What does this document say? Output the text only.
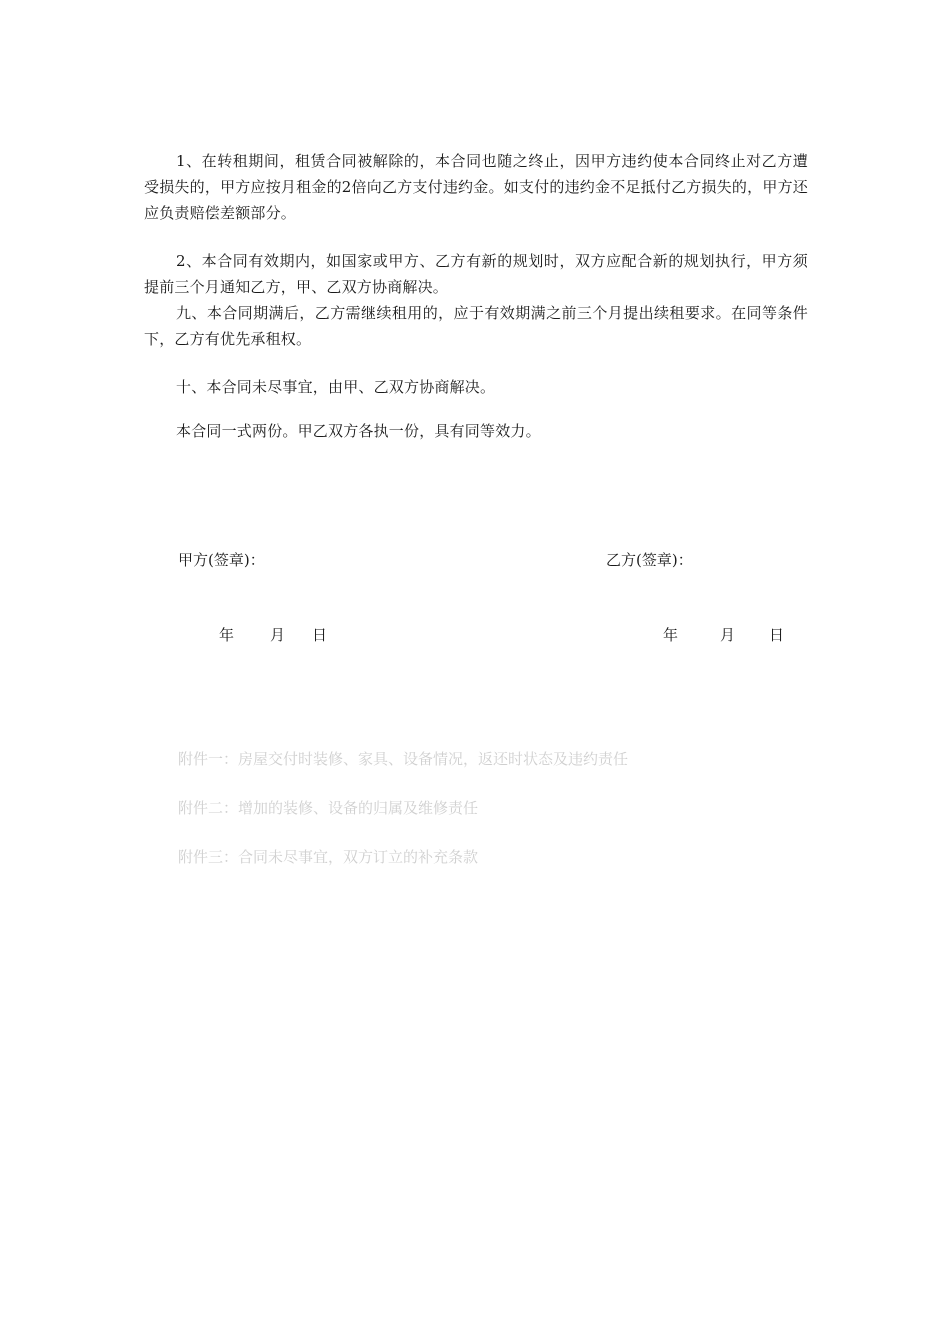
1、在转租期间，租赁合同被解除的，本合同也随之终止，因甲方违约使本合同终止对乙方遭受损失的，甲方应按月租金的2倍向乙方支付违约金。如支付的违约金不足抵付乙方损失的，甲方还应负责赔偿差额部分。

2、本合同有效期内，如国家或甲方、乙方有新的规划时，双方应配合新的规划执行，甲方须提前三个月通知乙方，甲、乙双方协商解决。

九、本合同期满后，乙方需继续租用的，应于有效期满之前三个月提出续租要求。在同等条件下，乙方有优先承租权。

十、本合同未尽事宜，由甲、乙双方协商解决。

本合同一式两份。甲乙双方各执一份，具有同等效力。

甲方(签章)：	乙方(签章)：
年 月 日	年	月 日
附件一：房屋交付时装修、家具、设备情况，返还时状态及违约责任
附件二：增加的装修、设备的归属及维修责任
附件三：合同未尽事宜，双方订立的补充条款
